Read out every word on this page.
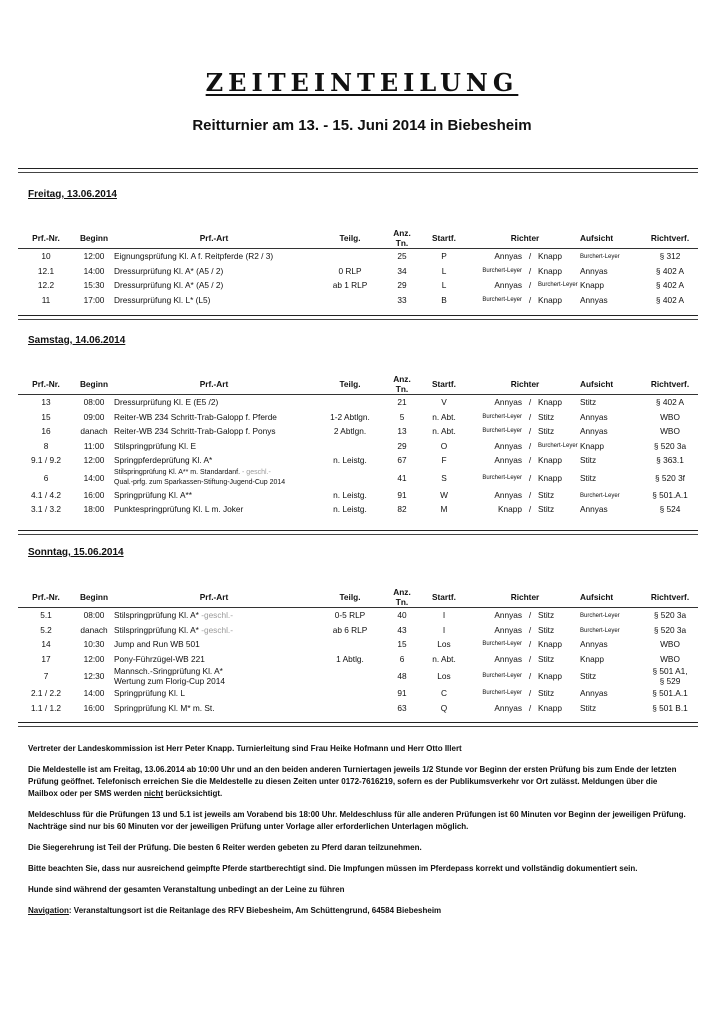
ZEITEINTEILUNG
Reitturnier am 13. - 15. Juni 2014 in Biebesheim
Freitag, 13.06.2014
Prf.-Nr.	Beginn	Prf.-Art	Teilg.	Anz. Tn.	Startf.	Richter	Aufsicht	Richtverf.
10	12:00	Eignungsprüfung Kl. A f. Reitpferde (R2 / 3)		25	P	Annyas / Knapp	Burchert-Leyer	§ 312
12.1	14:00	Dressurprüfung Kl. A* (A5 / 2)	0 RLP	34	L	Burchert-Leyer / Knapp	Annyas	§ 402 A
12.2	15:30	Dressurprüfung Kl. A* (A5 / 2)	ab 1 RLP	29	L	Annyas / Burchert-Leyer	Knapp	§ 402 A
11	17:00	Dressurprüfung Kl. L* (L5)		33	B	Burchert-Leyer / Knapp	Annyas	§ 402 A
Samstag, 14.06.2014
Prf.-Nr.	Beginn	Prf.-Art	Teilg.	Anz. Tn.	Startf.	Richter	Aufsicht	Richtverf.
13	08:00	Dressurprüfung Kl. E (E5 /2)		21	V	Annyas / Knapp	Stitz	§ 402 A
15	09:00	Reiter-WB 234 Schritt-Trab-Galopp f. Pferde	1-2 Abtlgn.	5	n. Abt.	Burchert-Leyer / Stitz	Annyas	WBO
16	danach	Reiter-WB 234 Schritt-Trab-Galopp f. Ponys	2 Abtlgn.	13	n. Abt.	Burchert-Leyer / Stitz	Annyas	WBO
8	11:00	Stilspringprüfung Kl. E		29	O	Annyas / Burchert-Leyer	Knapp	§ 520 3a
9.1 / 9.2	12:00	Springpferdeprüfung Kl. A*	n. Leistg.	67	F	Annyas / Knapp	Stitz	§ 363.1
6	14:00	Stilspringprüfung Kl. A** m. Standardanf. - geschl.-
Qual.-prfg. zum Sparkassen-Stiftung-Jugend-Cup 2014		41	S	Burchert-Leyer / Knapp	Stitz	§ 520 3f
4.1 / 4.2	16:00	Springprüfung Kl. A**	n. Leistg.	91	W	Annyas / Stitz	Burchert-Leyer	§ 501.A.1
3.1 / 3.2	18:00	Punktespringprüfung Kl. L m. Joker	n. Leistg.	82	M	Knapp / Stitz	Annyas	§ 524
Sonntag, 15.06.2014
Prf.-Nr.	Beginn	Prf.-Art	Teilg.	Anz. Tn.	Startf.	Richter	Aufsicht	Richtverf.
5.1	08:00	Stilspringprüfung Kl. A* -geschl.-	0-5 RLP	40	I	Annyas / Stitz	Burchert-Leyer	§ 520 3a
5.2	danach	Stilspringprüfung Kl. A* -geschl.-	ab 6 RLP	43	I	Annyas / Stitz	Burchert-Leyer	§ 520 3a
14	10:30	Jump and Run WB 501		15	Los	Burchert-Leyer / Knapp	Annyas	WBO
17	12:00	Pony-Führzügel-WB 221	1 Abtlg.	6	n. Abt.	Annyas / Stitz	Knapp	WBO
7	12:30	Mannsch.-Sringprüfung Kl. A*
Wertung zum Florig-Cup 2014		48	Los	Burchert-Leyer / Knapp	Stitz	§ 501 A1,
§ 529
2.1 / 2.2	14:00	Springprüfung Kl. L		91	C	Burchert-Leyer / Stitz	Annyas	§ 501.A.1
1.1 / 1.2	16:00	Springprüfung Kl. M* m. St.		63	Q	Annyas / Knapp	Stitz	§ 501 B.1

Vertreter der Landeskommission ist Herr Peter Knapp. Turnierleitung sind Frau Heike Hofmann und Herr Otto Illert

Die Meldestelle ist am Freitag, 13.06.2014 ab 10:00 Uhr und an den beiden anderen Turniertagen jeweils 1/2 Stunde vor Beginn der ersten Prüfung bis zum Ende der letzten Prüfung geöffnet. Telefonisch erreichen Sie die Meldestelle zu diesen Zeiten unter 0172-7616219, sofern es der Publikumsverkehr vor Ort zulässt. Meldungen über die Mailbox oder per SMS werden nicht berücksichtigt.

Meldeschluss für die Prüfungen 13 und 5.1 ist jeweils am Vorabend bis 18:00 Uhr. Meldeschluss für alle anderen Prüfungen ist 60 Minuten vor Beginn der jeweiligen Prüfung. Nachträge sind nur bis 60 Minuten vor der jeweiligen Prüfung unter Vorlage aller erforderlichen Unterlagen möglich.

Die Siegerehrung ist Teil der Prüfung. Die besten 6 Reiter werden gebeten zu Pferd daran teilzunehmen.

Bitte beachten Sie, dass nur ausreichend geimpfte Pferde startberechtigt sind. Die Impfungen müssen im Pferdepass korrekt und vollständig dokumentiert sein.

Hunde sind während der gesamten Veranstaltung unbedingt an der Leine zu führen

Navigation: Veranstaltungsort ist die Reitanlage des RFV Biebesheim, Am Schüttengrund, 64584 Biebesheim
